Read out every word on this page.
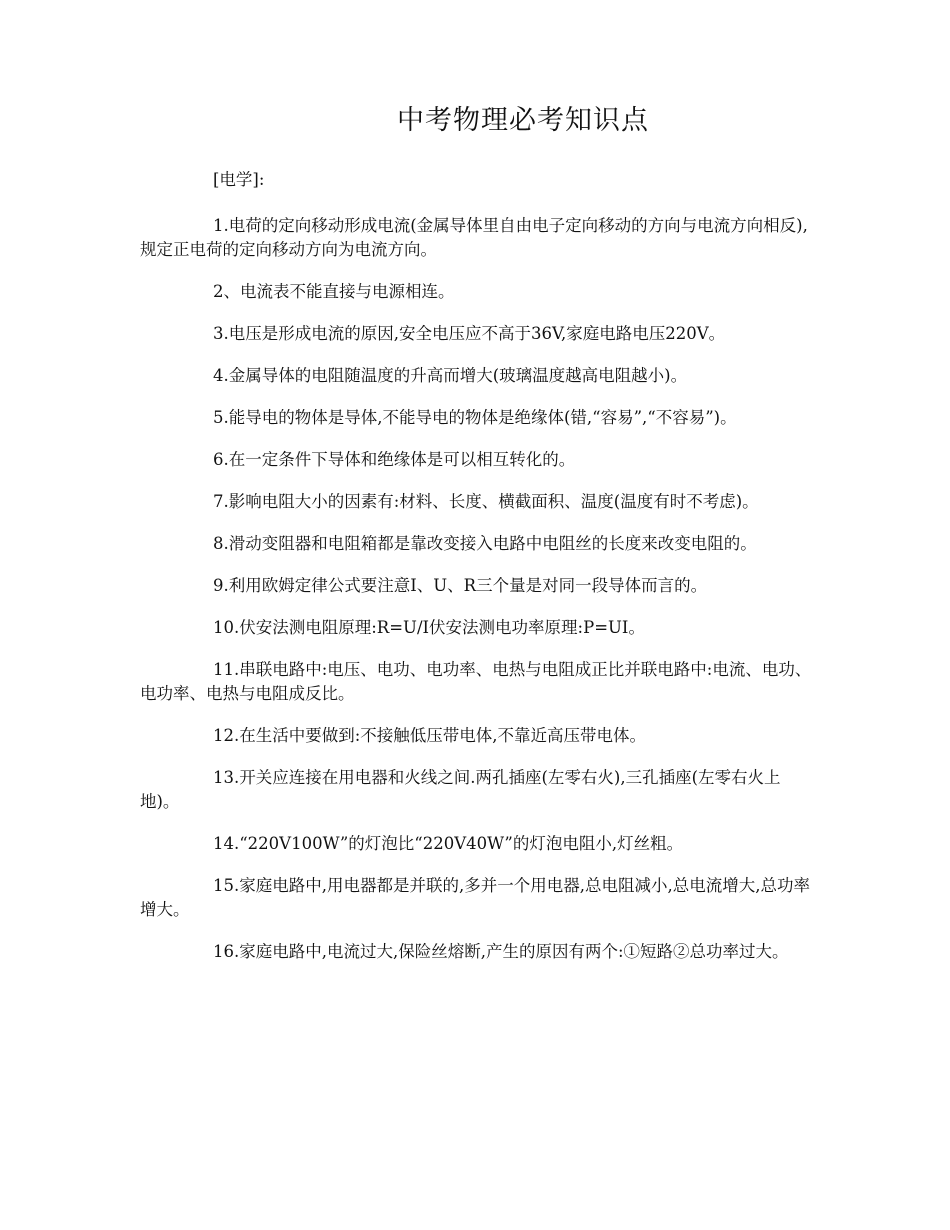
中考物理必考知识点

[电学]:

1.电荷的定向移动形成电流(金属导体里自由电子定向移动的方向与电流方向相反),规定正电荷的定向移动方向为电流方向。

2、电流表不能直接与电源相连。

3.电压是形成电流的原因,安全电压应不高于36V,家庭电路电压220V。

4.金属导体的电阻随温度的升高而增大(玻璃温度越高电阻越小)。

5.能导电的物体是导体,不能导电的物体是绝缘体(错,“容易”,“不容易”)。

6.在一定条件下导体和绝缘体是可以相互转化的。

7.影响电阻大小的因素有:材料、长度、横截面积、温度(温度有时不考虑)。

8.滑动变阻器和电阻箱都是靠改变接入电路中电阻丝的长度来改变电阻的。

9.利用欧姆定律公式要注意I、U、R三个量是对同一段导体而言的。

10.伏安法测电阻原理:R=U/I伏安法测电功率原理:P=UI。

11.串联电路中:电压、电功、电功率、电热与电阻成正比并联电路中:电流、电功、电功率、电热与电阻成反比。

12.在生活中要做到:不接触低压带电体,不靠近高压带电体。

13.开关应连接在用电器和火线之间.两孔插座(左零右火),三孔插座(左零右火上地)。

14.“220V100W”的灯泡比“220V40W”的灯泡电阻小,灯丝粗。

15.家庭电路中,用电器都是并联的,多并一个用电器,总电阻减小,总电流增大,总功率增大。

16.家庭电路中,电流过大,保险丝熔断,产生的原因有两个:①短路②总功率过大。
